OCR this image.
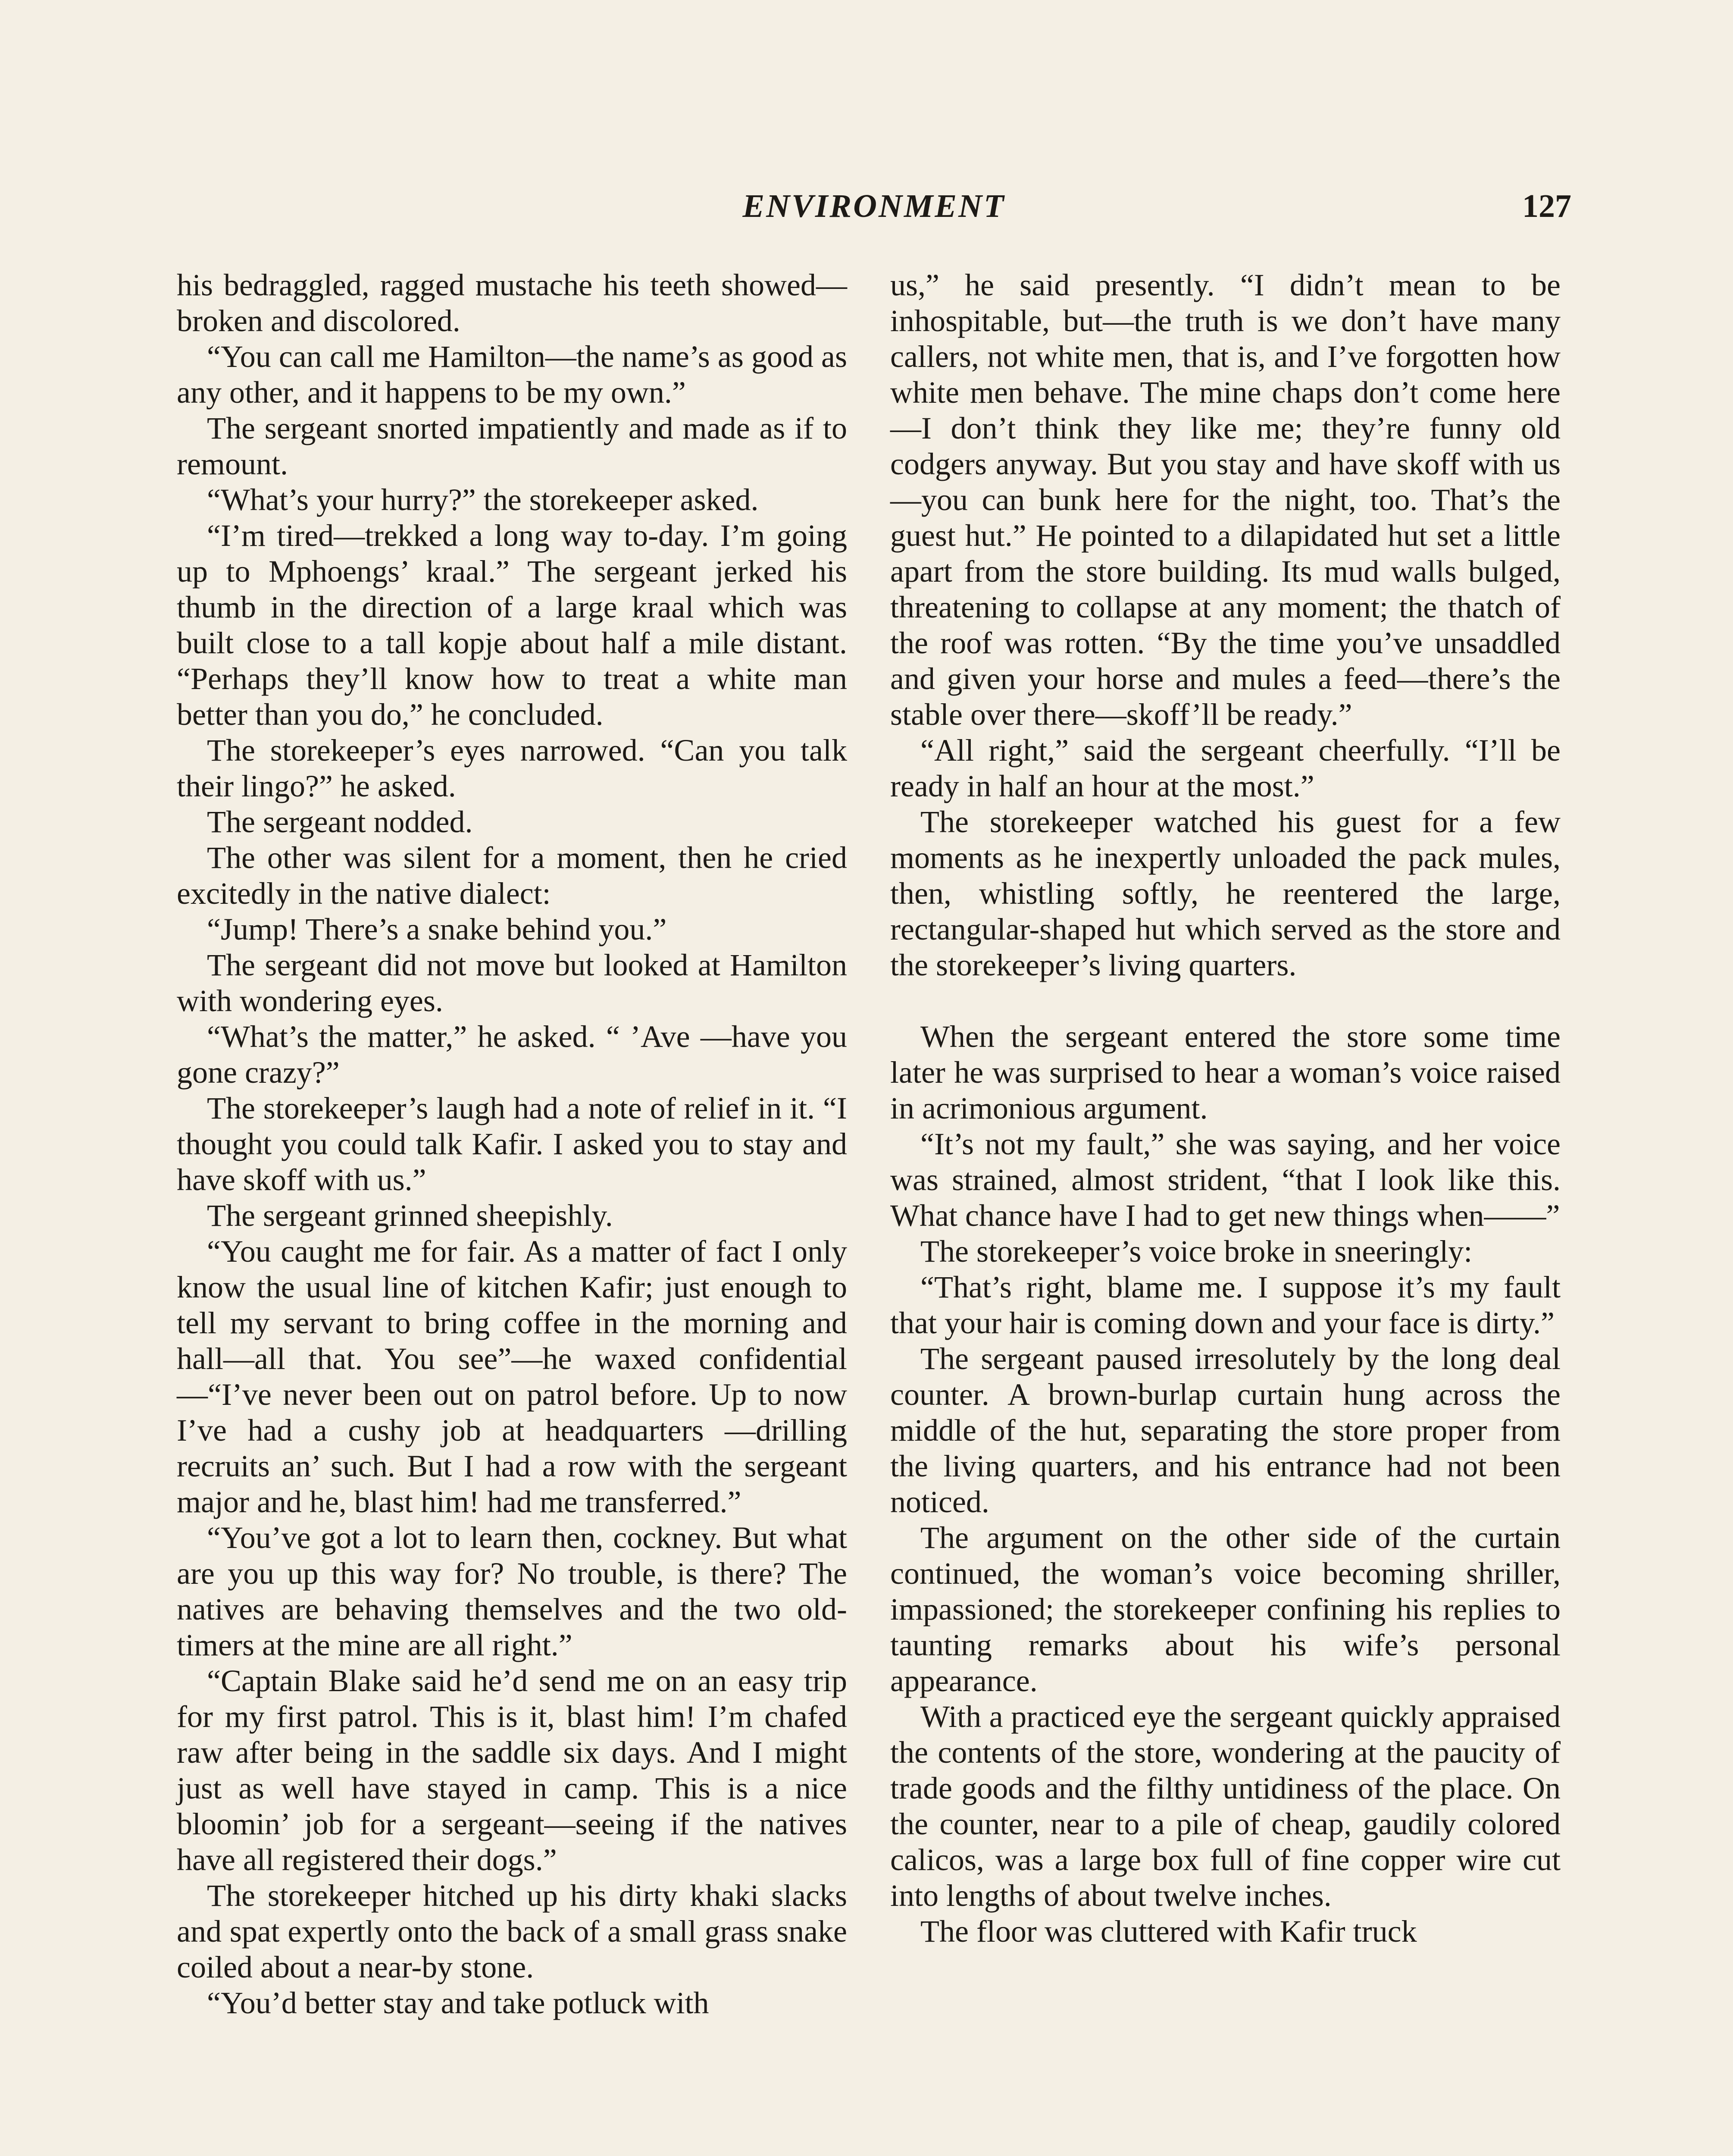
ENVIRONMENT	127

his bedraggled, ragged mustache his teeth showed—broken and discolored.

“You can call me Hamilton—the name’s as good as any other, and it happens to be my own.”

The sergeant snorted impatiently and made as if to remount.

“What’s your hurry?” the storekeeper asked.

“I’m tired—trekked a long way to-day. I’m going up to Mphoengs’ kraal.” The sergeant jerked his thumb in the direction of a large kraal which was built close to a tall kopje about half a mile distant. “Perhaps they’ll know how to treat a white man better than you do,” he concluded.

The storekeeper’s eyes narrowed. “Can you talk their lingo?” he asked.

The sergeant nodded.

The other was silent for a moment, then he cried excitedly in the native dialect:

“Jump! There’s a snake behind you.”

The sergeant did not move but looked at Hamilton with wondering eyes.

“What’s the matter,” he asked. “ ’Ave —have you gone crazy?”

The storekeeper’s laugh had a note of relief in it. “I thought you could talk Kafir. I asked you to stay and have skoff with us.”

The sergeant grinned sheepishly.

“You caught me for fair. As a matter of fact I only know the usual line of kitchen Kafir; just enough to tell my servant to bring coffee in the morning and hall—all that. You see”—he waxed confidential—“I’ve never been out on patrol before. Up to now I’ve had a cushy job at headquarters —drilling recruits an’ such. But I had a row with the sergeant major and he, blast him! had me transferred.”

“You’ve got a lot to learn then, cockney. But what are you up this way for? No trouble, is there? The natives are behaving themselves and the two old-timers at the mine are all right.”

“Captain Blake said he’d send me on an easy trip for my first patrol. This is it, blast him! I’m chafed raw after being in the saddle six days. And I might just as well have stayed in camp. This is a nice bloomin’ job for a sergeant—seeing if the natives have all registered their dogs.”

The storekeeper hitched up his dirty khaki slacks and spat expertly onto the back of a small grass snake coiled about a near-by stone.

“You’d better stay and take potluck with

us,” he said presently. “I didn’t mean to be inhospitable, but—the truth is we don’t have many callers, not white men, that is, and I’ve forgotten how white men behave. The mine chaps don’t come here—I don’t think they like me; they’re funny old codgers anyway. But you stay and have skoff with us—you can bunk here for the night, too. That’s the guest hut.” He pointed to a dilapidated hut set a little apart from the store building. Its mud walls bulged, threatening to collapse at any moment; the thatch of the roof was rotten. “By the time you’ve unsaddled and given your horse and mules a feed—there’s the stable over there—skoff’ll be ready.”

“All right,” said the sergeant cheerfully. “I’ll be ready in half an hour at the most.”

The storekeeper watched his guest for a few moments as he inexpertly unloaded the pack mules, then, whistling softly, he reentered the large, rectangular-shaped hut which served as the store and the storekeeper’s living quarters.

When the sergeant entered the store some time later he was surprised to hear a woman’s voice raised in acrimonious argument.

“It’s not my fault,” she was saying, and her voice was strained, almost strident, “that I look like this. What chance have I had to get new things when——”

The storekeeper’s voice broke in sneeringly:

“That’s right, blame me. I suppose it’s my fault that your hair is coming down and your face is dirty.”

The sergeant paused irresolutely by the long deal counter. A brown-burlap curtain hung across the middle of the hut, separating the store proper from the living quarters, and his entrance had not been noticed.

The argument on the other side of the curtain continued, the woman’s voice becoming shriller, impassioned; the storekeeper confining his replies to taunting remarks about his wife’s personal appearance.

With a practiced eye the sergeant quickly appraised the contents of the store, wondering at the paucity of trade goods and the filthy untidiness of the place. On the counter, near to a pile of cheap, gaudily colored calicos, was a large box full of fine copper wire cut into lengths of about twelve inches.

The floor was cluttered with Kafir truck
